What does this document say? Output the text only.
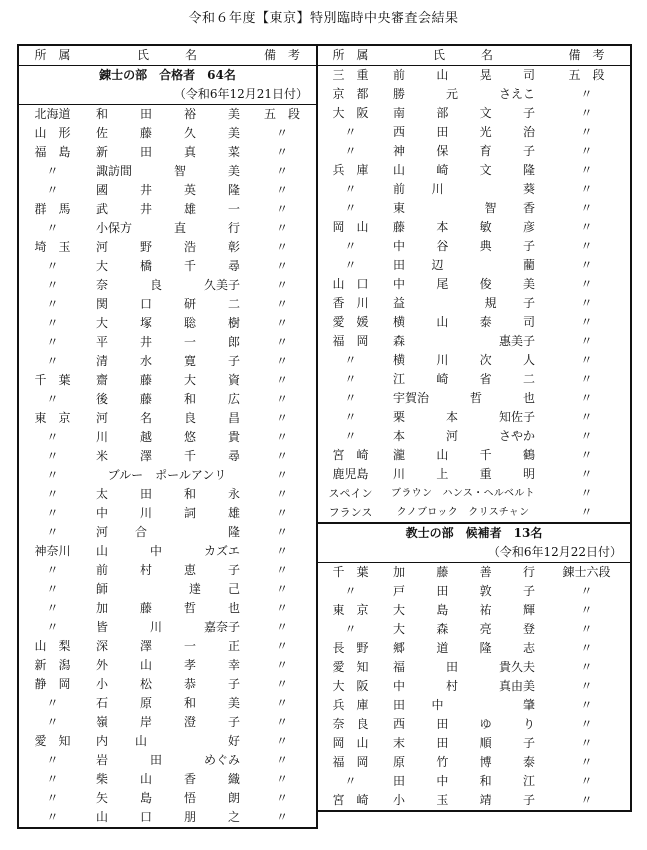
令和６年度【東京】特別臨時中央審査会結果
所　属	氏　　　名	備　考
錬士の部　合格者　64名		
（令和6年12月21日付）		
北海道	和 田 裕 美	五　段
山　形	佐 藤 久 美	〃
福　島	新 田 真 菜	〃
〃	諏訪間 智 美	〃
〃	國 井 英 隆	〃
群　馬	武 井 雄 一	〃
〃	小保方 直 行	〃
埼　玉	河 野 浩 彰	〃
〃	大 橋 千 尋	〃
〃	奈 良 久美子	〃
〃	関 口 研 二	〃
〃	大 塚 聡 樹	〃
〃	平 井 一 郎	〃
〃	清 水 寛 子	〃
千　葉	齋 藤 大 資	〃
〃	後 藤 和 広	〃
東　京	河 名 良 昌	〃
〃	川 越 悠 貴	〃
〃	米 澤 千 尋	〃
〃	ブルー　ポールアンリ	〃
〃	太 田 和 永	〃
〃	中 川 詞 雄	〃
〃	河 合 隆	〃
神奈川	山 中 カズエ	〃
〃	前 村 恵 子	〃
〃	師 達 己	〃
〃	加 藤 哲 也	〃
〃	皆 川 嘉奈子	〃
山　梨	深 澤 一 正	〃
新　潟	外 山 孝 幸	〃
静　岡	小 松 恭 子	〃
〃	石 原 和 美	〃
〃	嶺 岸 澄 子	〃
愛　知	内 山 好	〃
〃	岩 田 めぐみ	〃
〃	柴 山 香 織	〃
〃	矢 島 悟 朗	〃
〃	山 口 朋 之	〃

所　属	氏　　　名	備　考
三　重	前 山 晃 司	五　段
京　都	勝 元 さえこ	〃
大　阪	南 部 文 子	〃
〃	西 田 光 治	〃
〃	神 保 育 子	〃
兵　庫	山 崎 文 隆	〃
〃	前 川 葵	〃
〃	東 智 香	〃
岡　山	藤 本 敏 彦	〃
〃	中 谷 典 子	〃
〃	田 辺 藺	〃
山　口	中 尾 俊 美	〃
香　川	益 規 子	〃
愛　媛	横 山 泰 司	〃
福　岡	森 惠美子	〃
〃	横 川 次 人	〃
〃	江 崎 省 二	〃
〃	宇賀治 哲 也	〃
〃	栗 本 知佐子	〃
〃	本 河 さやか	〃
宮　崎	瀧 山 千 鶴	〃
鹿児島	川 上 重 明	〃
スペイン	ブラウン　ハンス・ヘルベルト	〃
フランス	クノブロック　クリスチャン	〃
教士の部　候補者　13名		
（令和6年12月22日付）		
千　葉	加 藤 善 行	錬士六段
〃	戸 田 敦 子	〃
東　京	大 島 祐 輝	〃
〃	大 森 亮 登	〃
長　野	郷 道 隆 志	〃
愛　知	福 田 貴久夫	〃
大　阪	中 村 真由美	〃
兵　庫	田 中 肇	〃
奈　良	西 田 ゆ り	〃
岡　山	末 田 順 子	〃
福　岡	原 竹 博 泰	〃
〃	田 中 和 江	〃
宮　崎	小 玉 靖 子	〃
